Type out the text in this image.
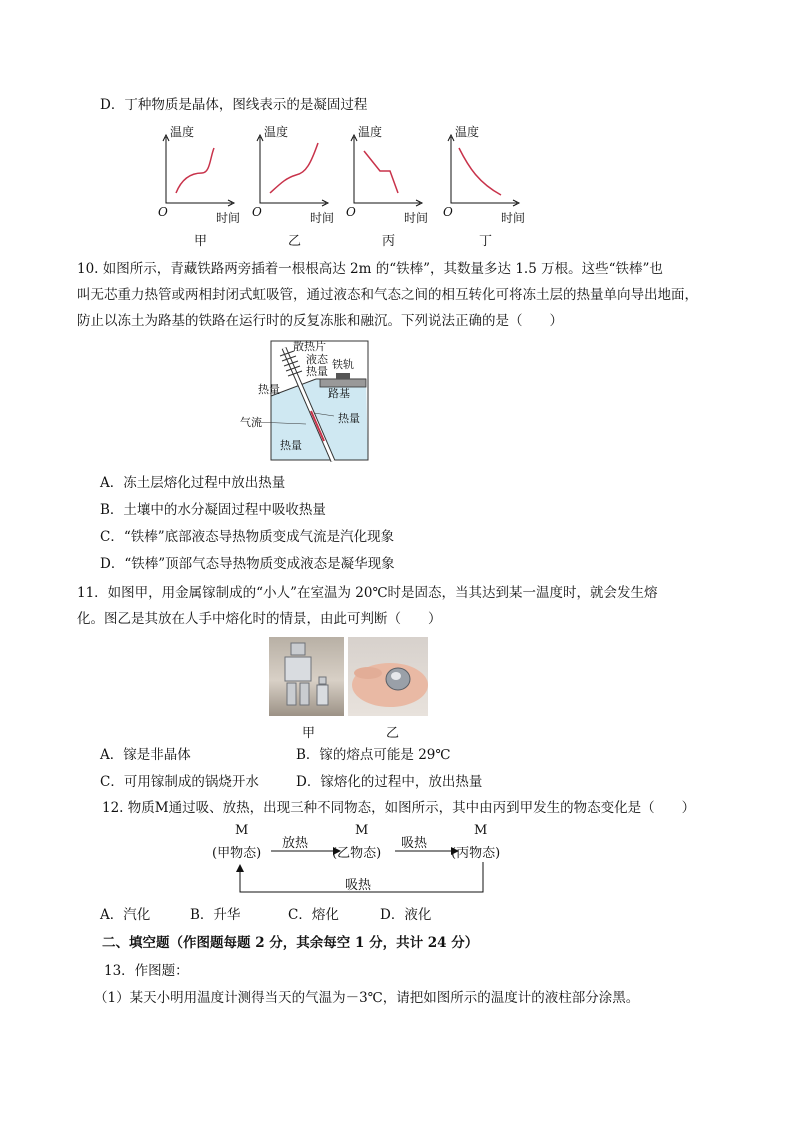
D．丁种物质是晶体，图线表示的是凝固过程
温度
O	时间
甲
温度
O	时间
乙
温度
O	时间
丙
温度
O	时间
丁
10. 如图所示，青藏铁路两旁插着一根根高达 2m 的“铁棒”，其数量多达 1.5 万根。这些“铁棒”也
叫无芯重力热管或两相封闭式虹吸管，通过液态和气态之间的相互转化可将冻土层的热量单向导出地面，
防止以冻土为路基的铁路在运行时的反复冻胀和融沉。下列说法正确的是（　　）
散热片
液态
热量
铁轨
热量	路基
气流	热量
热量
A．冻土层熔化过程中放出热量
B．土壤中的水分凝固过程中吸收热量
C．“铁棒”底部液态导热物质变成气流是汽化现象
D．“铁棒”顶部气态导热物质变成液态是凝华现象
11．如图甲，用金属镓制成的“小人”在室温为 20℃时是固态，当其达到某一温度时，就会发生熔
化。图乙是其放在人手中熔化时的情景，由此可判断（　　）
甲	乙
A．镓是非晶体	B．镓的熔点可能是 29℃
C．可用镓制成的锅烧开水	D．镓熔化的过程中，放出热量
12. 物质M通过吸、放热，出现三种不同物态，如图所示，其中由丙到甲发生的物态变化是（　　）
M
(甲物态)
M
(乙物态)
M
(丙物态)
放热	吸热
吸热
A．汽化	B．升华	C．熔化	D．液化
二、填空题（作图题每题 2 分，其余每空 1 分，共计 24 分）
13．作图题：
（1）某天小明用温度计测得当天的气温为－3℃，请把如图所示的温度计的液柱部分涂黑。
